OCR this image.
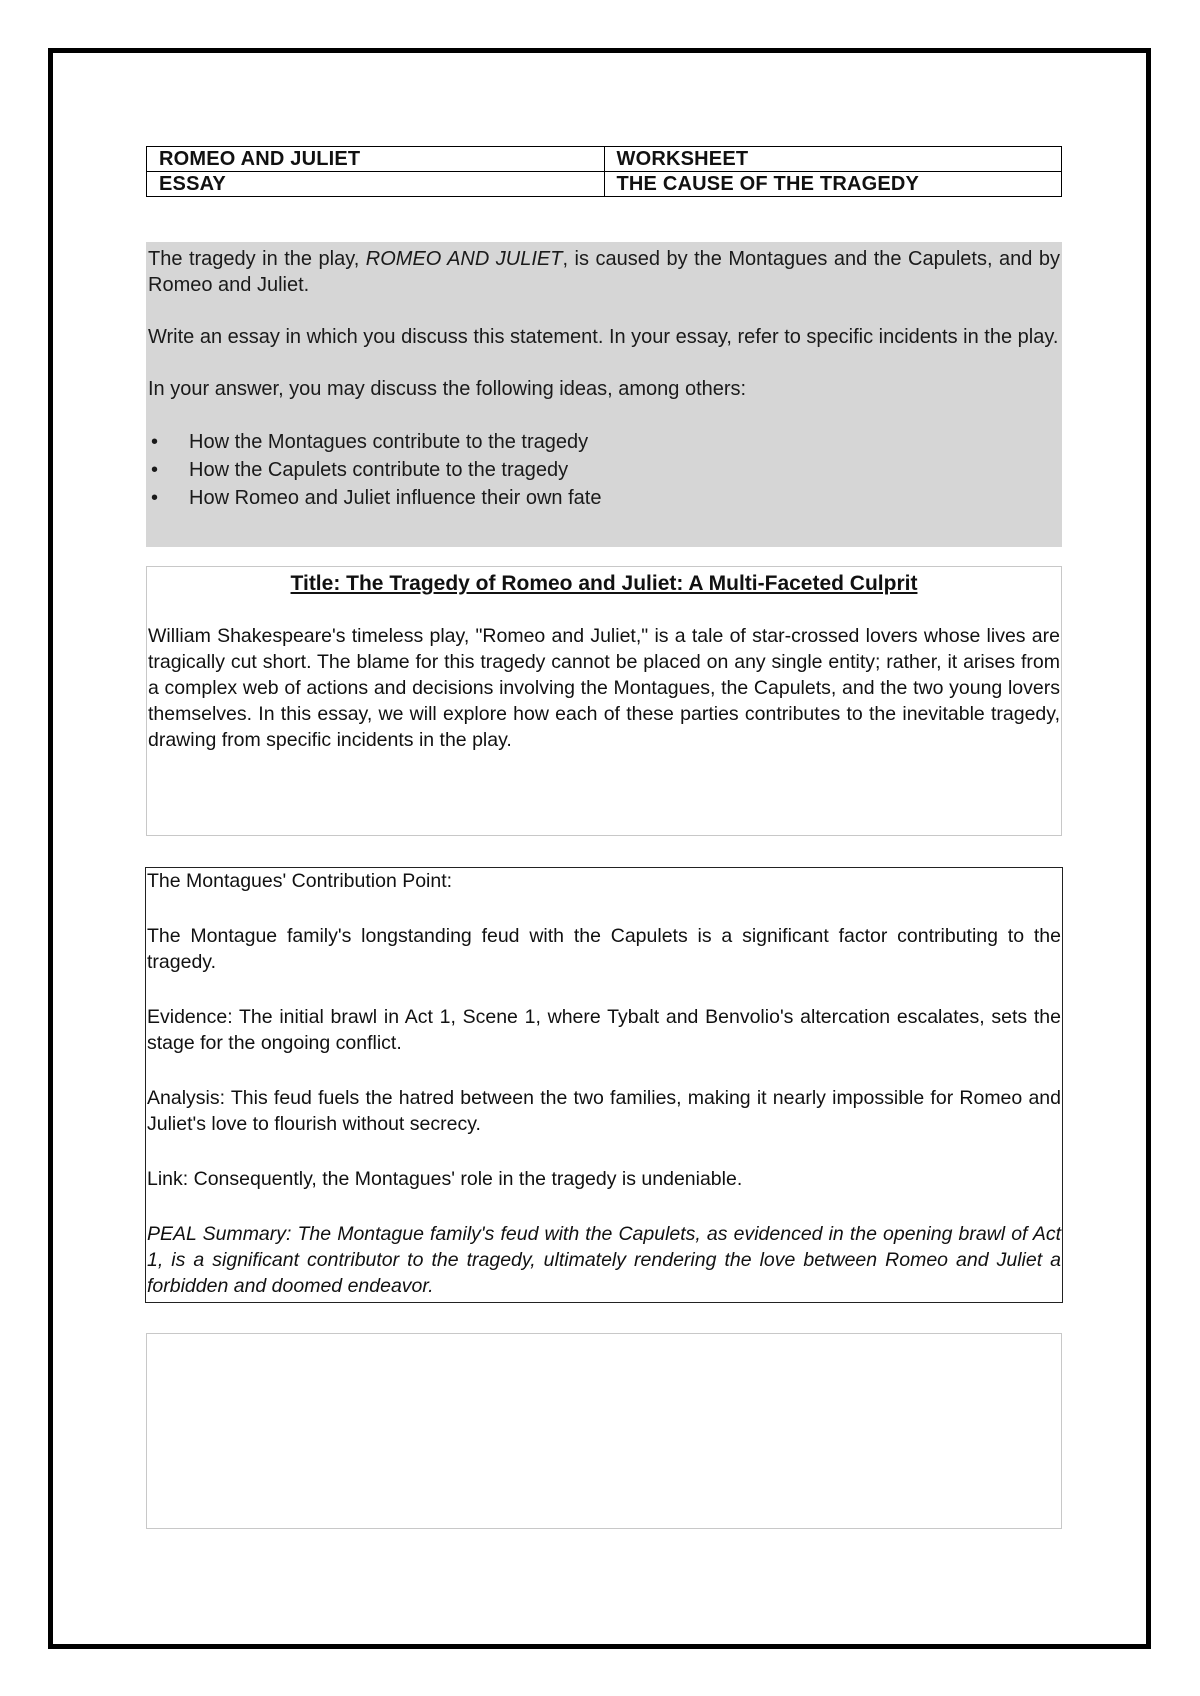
ROMEO AND JULIET	WORKSHEET
ESSAY	THE CAUSE OF THE TRAGEDY

The tragedy in the play, ROMEO AND JULIET, is caused by the Montagues and the Capulets, and by Romeo and Juliet.

Write an essay in which you discuss this statement. In your essay, refer to specific incidents in the play.

In your answer, you may discuss the following ideas, among others:

• How the Montagues contribute to the tragedy
• How the Capulets contribute to the tragedy
• How Romeo and Juliet influence their own fate
Title: The Tragedy of Romeo and Juliet: A Multi-Faceted Culprit

William Shakespeare's timeless play, "Romeo and Juliet," is a tale of star-crossed lovers whose lives are tragically cut short. The blame for this tragedy cannot be placed on any single entity; rather, it arises from a complex web of actions and decisions involving the Montagues, the Capulets, and the two young lovers themselves. In this essay, we will explore how each of these parties contributes to the inevitable tragedy, drawing from specific incidents in the play.

The Montagues' Contribution Point:

The Montague family's longstanding feud with the Capulets is a significant factor contributing to the tragedy.

Evidence: The initial brawl in Act 1, Scene 1, where Tybalt and Benvolio's altercation escalates, sets the stage for the ongoing conflict.

Analysis: This feud fuels the hatred between the two families, making it nearly impossible for Romeo and Juliet's love to flourish without secrecy.

Link: Consequently, the Montagues' role in the tragedy is undeniable.

PEAL Summary: The Montague family's feud with the Capulets, as evidenced in the opening brawl of Act 1, is a significant contributor to the tragedy, ultimately rendering the love between Romeo and Juliet a forbidden and doomed endeavor.
